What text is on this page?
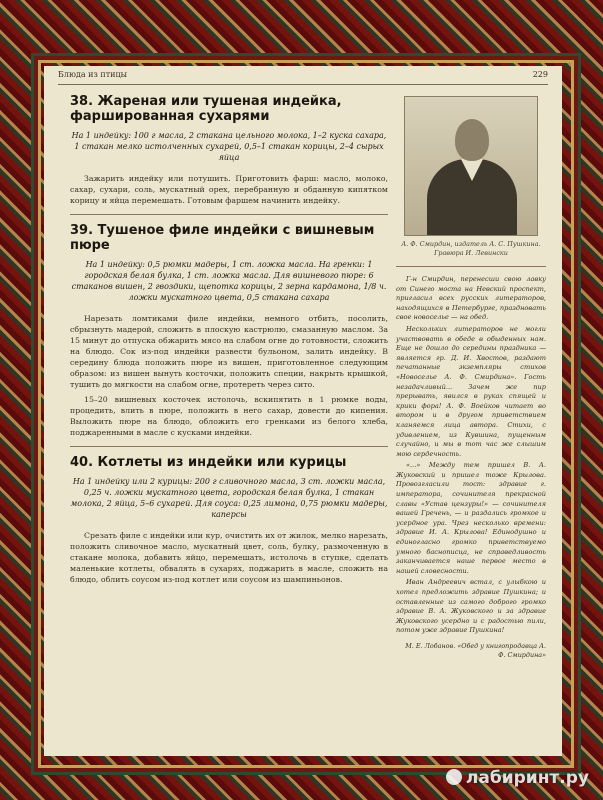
Блюда из птицы	229
38. Жареная или тушеная индейка, фаршированная сухарями

На 1 индейку: 100 г масла, 2 стакана цельного молока, 1–2 куска сахара, 1 стакан мелко истолченных сухарей, 0,5–1 стакан корицы, 2–4 сырых яйца

Зажарить индейку или потушить. Приготовить фарш: масло, молоко, сахар, сухари, соль, мускатный орех, перебранную и обданную кипятком корицу и яйца перемешать. Готовым фаршем начинить индейку.

39. Тушеное филе индейки с вишневым пюре

На 1 индейку: 0,5 рюмки мадеры, 1 ст. ложка масла. На гренки: 1 городская белая булка, 1 ст. ложка масла. Для вишневого пюре: 6 стаканов вишен, 2 гвоздики, щепотка корицы, 2 зерна кардамона, 1/8 ч. ложки мускатного цвета, 0,5 стакана сахара

Нарезать ломтиками филе индейки, немного отбить, посолить, сбрызнуть мадерой, сложить в плоскую кастрюлю, смазанную маслом. За 15 минут до отпуска обжарить мясо на слабом огне до готовности, сложить на блюдо. Сок из-под индейки развести бульоном, залить индейку. В середину блюда положить пюре из вишен, приготовленное следующим образом: из вишен вынуть косточки, положить специи, накрыть крышкой, тушить до мягкости на слабом огне, протереть через сито.

15–20 вишневых косточек истолочь, вскипятить в 1 рюмке воды, процедить, влить в пюре, положить в него сахар, довести до кипения. Выложить пюре на блюдо, обложить его гренками из белого хлеба, поджаренными в масле с кусками индейки.

40. Котлеты из индейки или курицы

На 1 индейку или 2 курицы: 200 г сливочного масла, 3 ст. ложки масла, 0,25 ч. ложки мускатного цвета, городская белая булка, 1 стакан молока, 2 яйца, 5–6 сухарей. Для соуса: 0,25 лимона, 0,75 рюмки мадеры, каперсы

Срезать филе с индейки или кур, очистить их от жилок, мелко нарезать, положить сливочное масло, мускатный цвет, соль, булку, размоченную в стакане молока, добавить яйцо, перемешать, истолочь в ступке, сделать маленькие котлеты, обвалять в сухарях, поджарить в масле, сложить на блюдо, облить соусом из-под котлет или соусом из шампиньонов.

А. Ф. Смирдин, издатель А. С. Пушкина. Гравюра И. Левински

Г-н Смирдин, перенесши свою лавку от Синего моста на Невский проспект, пригласил всех русских литераторов, находящихся в Петербурге, праздновать свое новоселье — на обед.

Нескольких литераторов не могли участвовать в обеде в обыденных нам. Еще не дошло до середины праздника — является гр. Д. И. Хвостов, раздают печатанные экземпляры стихов «Новоселье А. Ф. Смирдина». Гость незадачливый... Зачем же пир прерывать, явился в руках спящей и крики фора! А. Ф. Воейков читает во втором и в другом приветствием кланяемся лица автора. Стихи, с удивлением, из Кувшина, пущенным случайно, и мы в тот час же слышим мою сердечность.

«...» Между тем пришел В. А. Жуковский и пришел тоже Крылова. Провозгласили тост: здравие г. императора, сочинителя прекрасной славы «Устав цензуры!» — сочинителя вашей Гречень, — и раздались громкое и усердное ура. Чрез несколько времени: здравие И. А. Крылова! Единодушно и единогласно громко приветствуемо умного баснописца, не справедливость заканчивается наше первое место в нашей словесности.

Иван Андреевич встал, с улыбкою и хотел предложить здравие Пушкина; и оставленные из самого доброго громко здравие В. А. Жуковского и за здравие Жуковского усердно и с радостью пили, потом уже здравие Пушкина!

М. Е. Лобанов. «Обед у книгопродавца А. Ф. Смирдина»
лабиринт.ру
